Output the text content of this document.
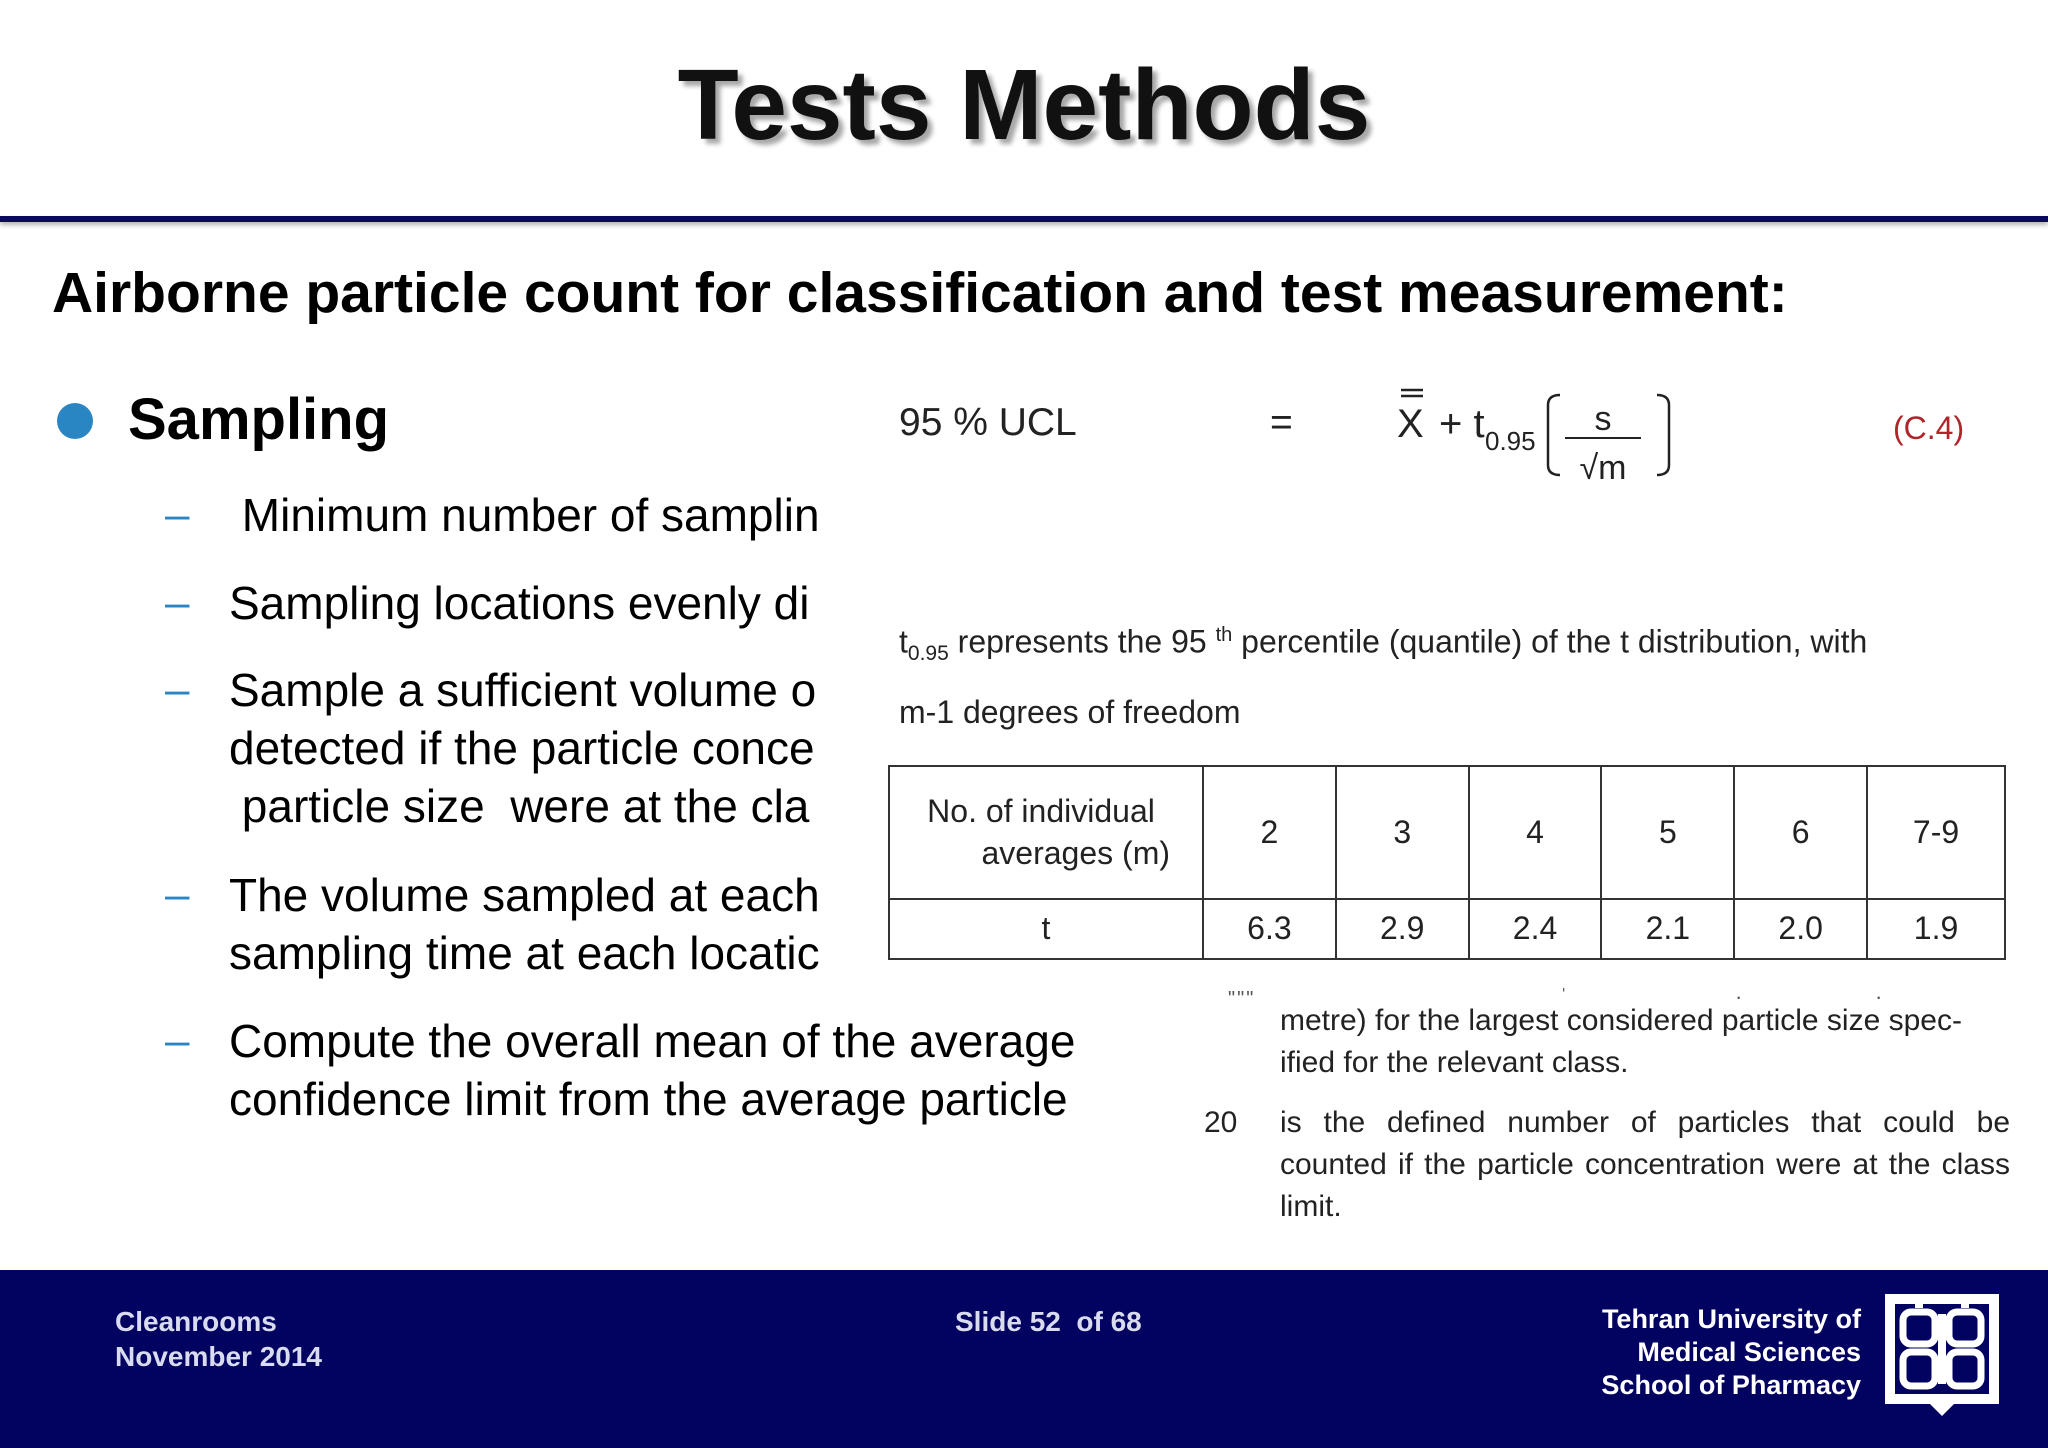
Tests Methods
Airborne particle count for classification and test measurement:
Sampling
– Minimum number of samplin
– Sampling locations evenly di
– Sample a sufficient volume o
detected if the particle conce
particle size  were at the cla
– The volume sampled at each
sampling time at each locatic
– Compute the overall mean of the average
confidence limit from the average particle
95 % UCL	=	X + t 0.95
s
√m
(C.4)
$t_{0.95}$ represents the 95 $^{th}$ percentile (quantile) of the t distribution, with
m-1 degrees of freedom
No. of individual
averages (m)	2	3	4	5	6	7-9
t	6.3	2.9	2.4	2.1	2.0	1.9
"""	ˈ	·	·
metre) for the largest considered particle size spec-ified for the relevant class.
20 is the defined number of particles that could be counted if the particle concentration were at the class limit.
Cleanrooms
November 2014
Slide 52  of 68	Tehran University of
Medical Sciences
School of Pharmacy
